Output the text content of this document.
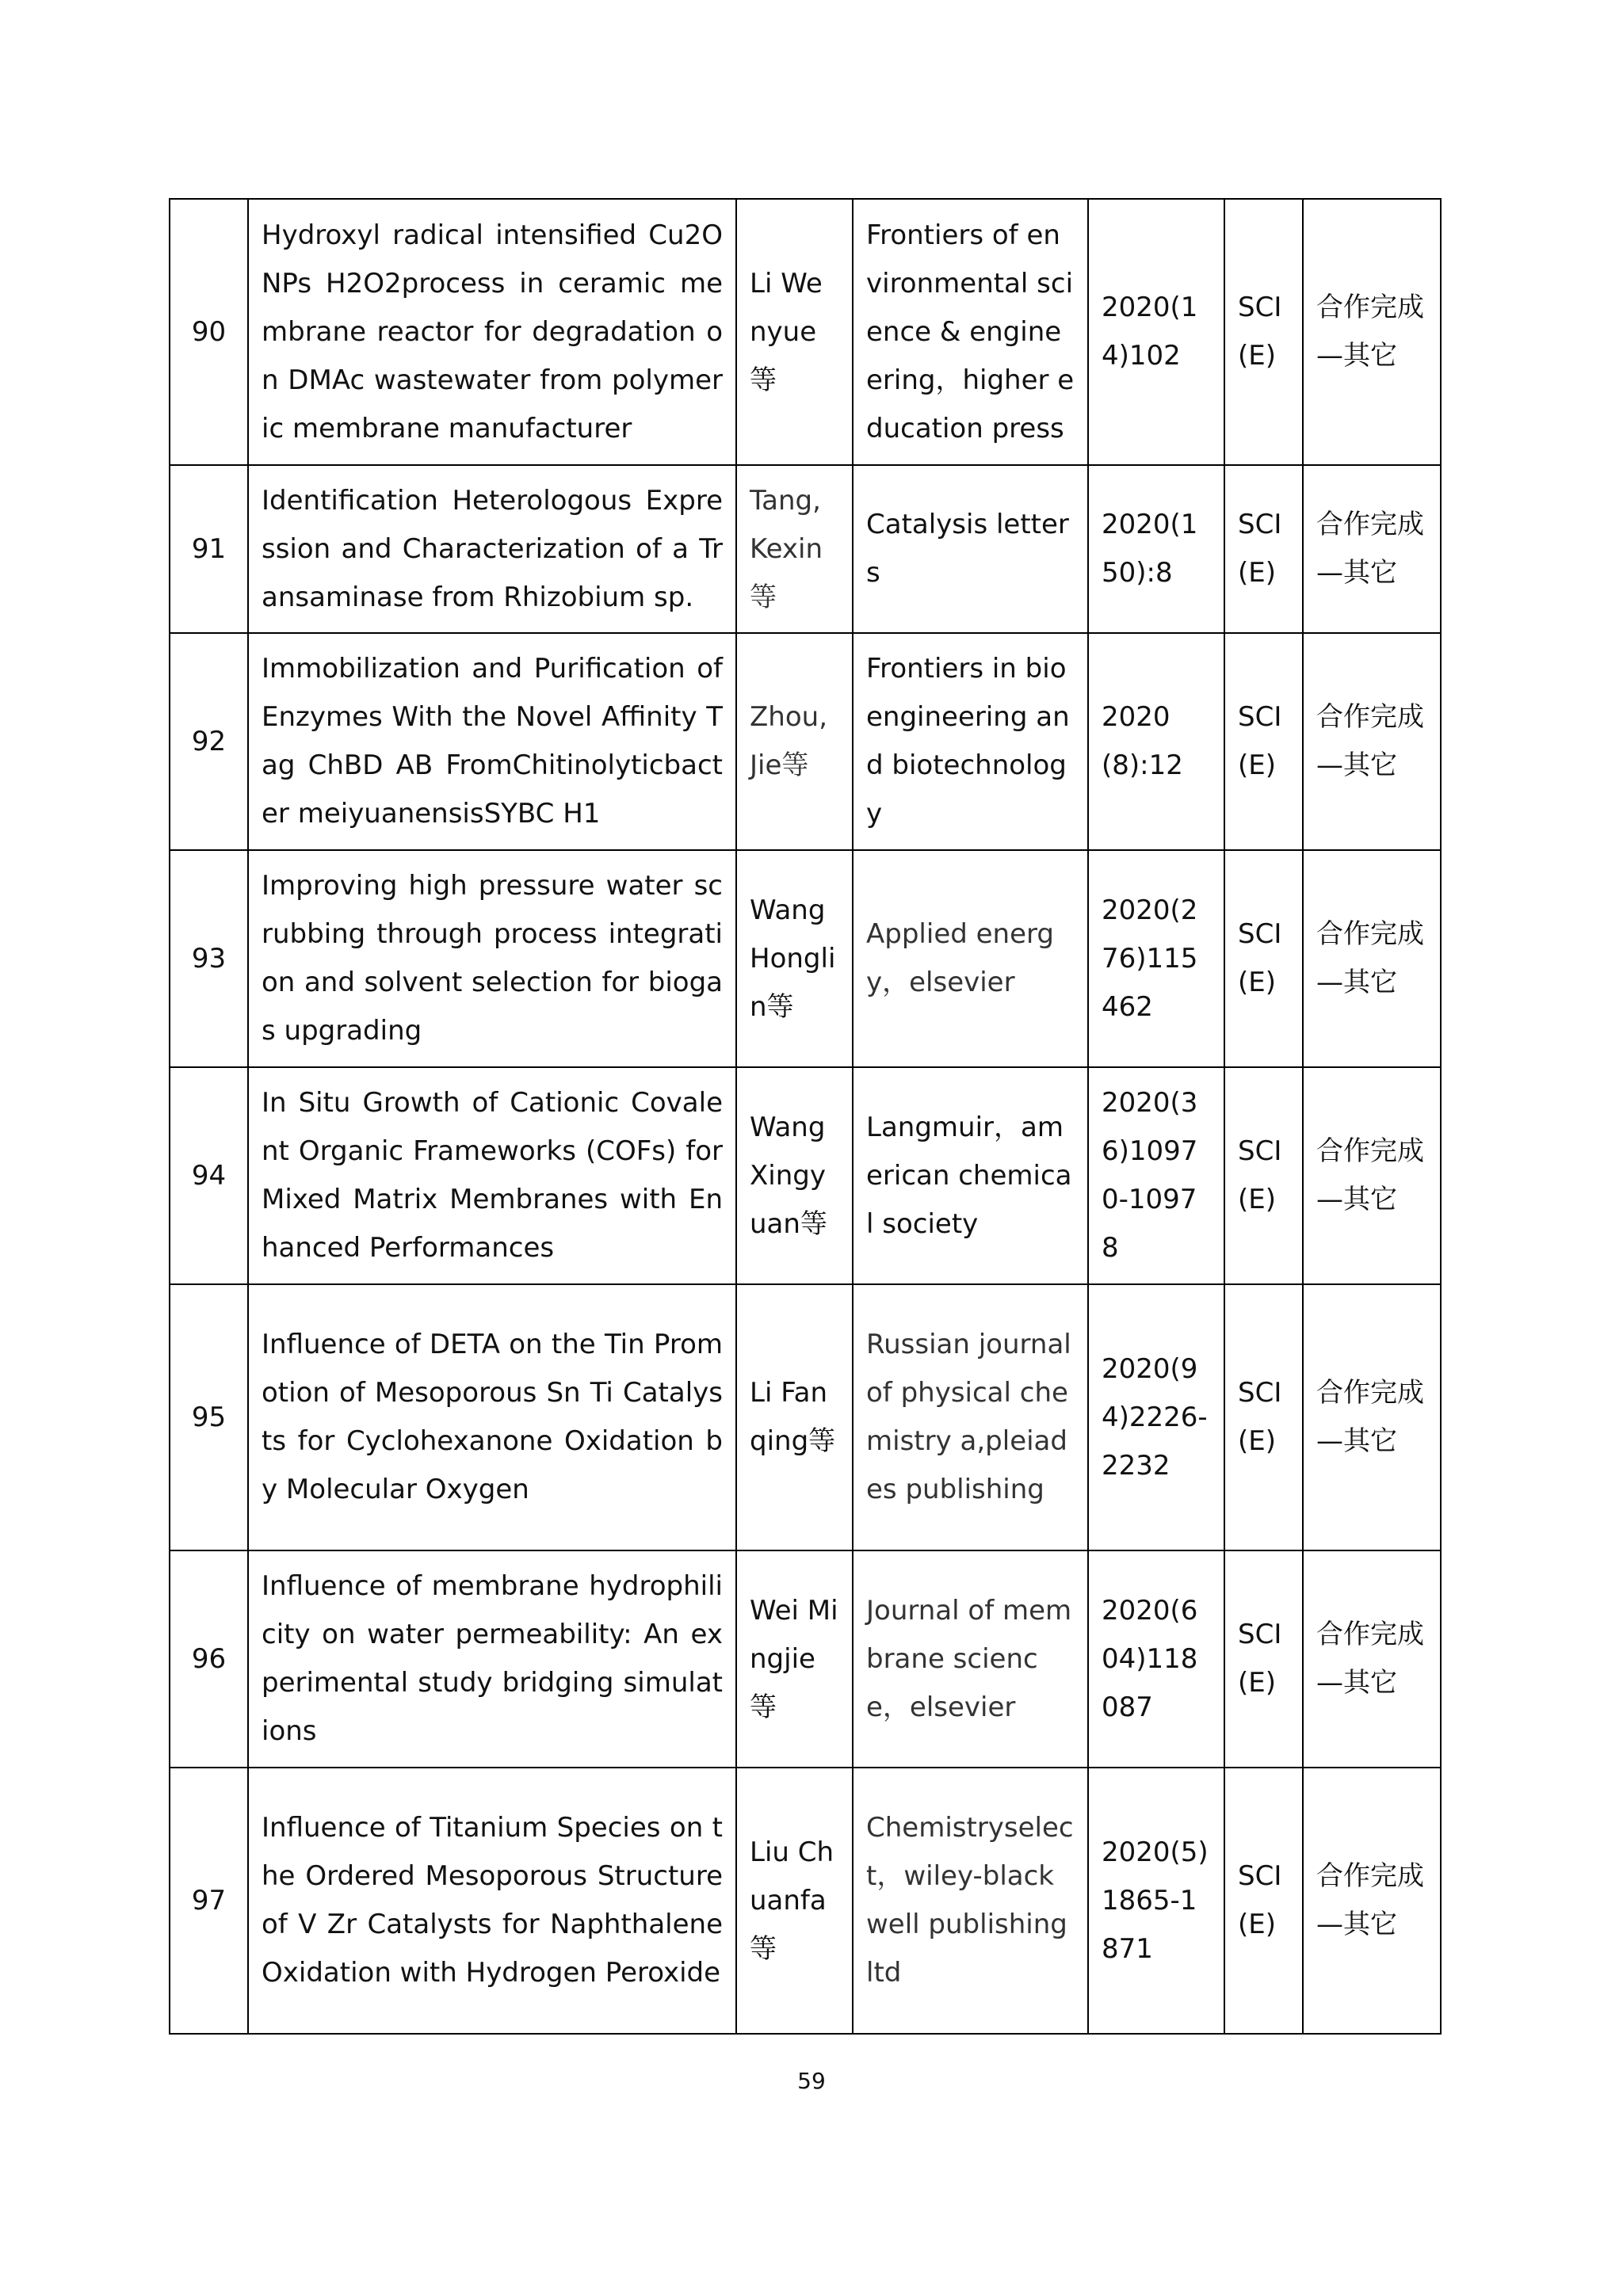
90	Hydroxyl radical intensified Cu2O NPs H2O2process in ceramic membrane reactor for degradation on DMAc wastewater from polymeric membrane manufacturer	Li Wenyue等	Frontiers of environmental science & engineering，higher education press	2020(14)102	SCI(E)	合作完成—其它
91	Identification Heterologous Expression and Characterization of a Transaminase from Rhizobium sp.	Tang, Kexin等	Catalysis letters	2020(150):8	SCI(E)	合作完成—其它
92	Immobilization and Purification of Enzymes With the Novel Affinity Tag ChBD AB FromChitinolyticbacter meiyuanensisSYBC H1	Zhou, Jie等	Frontiers in bioengineering and biotechnology	2020(8):12	SCI(E)	合作完成—其它
93	Improving high pressure water scrubbing through process integration and solvent selection for biogas upgrading	Wang Honglin等	Applied energy，elsevier	2020(276)115462	SCI(E)	合作完成—其它
94	In Situ Growth of Cationic Covalent Organic Frameworks (COFs) for Mixed Matrix Membranes with Enhanced Performances	Wang Xingyuan等	Langmuir，american chemical society	2020(36)10970-10978	SCI(E)	合作完成—其它
95	Influence of DETA on the Tin Promotion of Mesoporous Sn Ti Catalysts for Cyclohexanone Oxidation by Molecular Oxygen	Li Fanqing等	Russian journal of physical chemistry a,pleiades publishing	2020(94)2226-2232	SCI(E)	合作完成—其它
96	Influence of membrane hydrophilicity on water permeability: An experimental study bridging simulations	Wei Mingjie等	Journal of membrane science，elsevier	2020(604)118087	SCI(E)	合作完成—其它
97	Influence of Titanium Species on the Ordered Mesoporous Structure of V Zr Catalysts for Naphthalene Oxidation with Hydrogen Peroxide	Liu Chuanfa等	Chemistryselect，wiley-blackwell publishing ltd	2020(5)1865-1871	SCI(E)	合作完成—其它
59
